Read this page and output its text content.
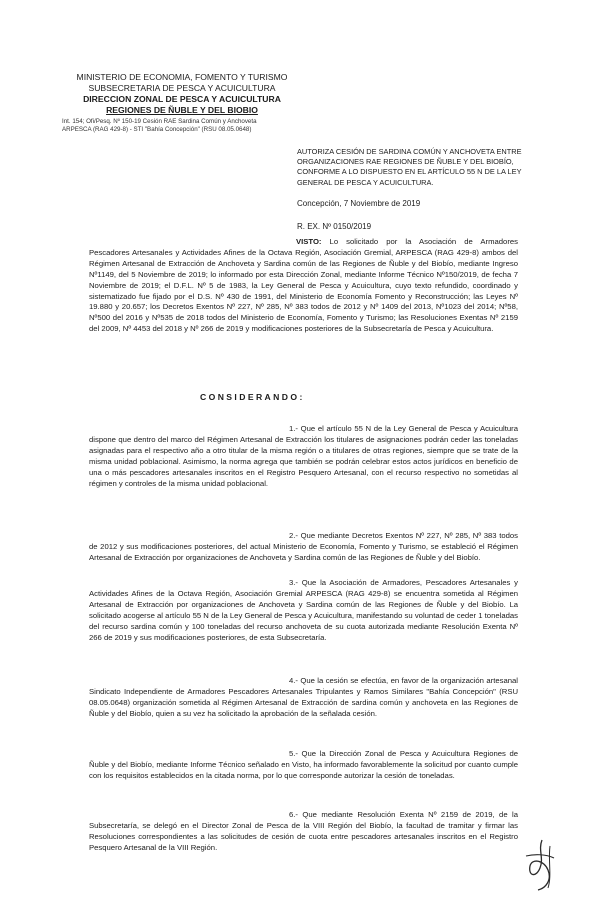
MINISTERIO DE ECONOMIA, FOMENTO Y TURISMO
SUBSECRETARIA DE PESCA Y ACUICULTURA
DIRECCION ZONAL DE PESCA Y ACUICULTURA
REGIONES DE ÑUBLE Y DEL BIOBIO
Int. 154; Ofi/Pesq. Nº 150-19 Cesión RAE Sardina Común y Anchoveta
ARPESCA (RAG 429-8) - STI "Bahía Concepción" (RSU 08.05.0648)
AUTORIZA CESIÓN DE SARDINA COMÚN Y ANCHOVETA ENTRE ORGANIZACIONES RAE REGIONES DE ÑUBLE Y DEL BIOBÍO, CONFORME A LO DISPUESTO EN EL ARTÍCULO 55 N DE LA LEY GENERAL DE PESCA Y ACUICULTURA.
Concepción, 7 Noviembre de 2019
R. EX. Nº 0150/2019
VISTO: Lo solicitado por la Asociación de Armadores Pescadores Artesanales y Actividades Afines de la Octava Región, Asociación Gremial, ARPESCA (RAG 429-8) ambos del Régimen Artesanal de Extracción de Anchoveta y Sardina común de las Regiones de Ñuble y del Biobío, mediante Ingreso Nº1149, del 5 Noviembre de 2019; lo informado por esta Dirección Zonal, mediante Informe Técnico Nº150/2019, de fecha 7 Noviembre de 2019; el D.F.L. Nº 5 de 1983, la Ley General de Pesca y Acuicultura, cuyo texto refundido, coordinado y sistematizado fue fijado por el D.S. Nº 430 de 1991, del Ministerio de Economía Fomento y Reconstrucción; las Leyes Nº 19.880 y 20.657; los Decretos Exentos Nº 227, Nº 285, Nº 383 todos de 2012 y Nº 1409 del 2013, Nº1023 del 2014; Nº58, Nº500 del 2016 y Nº535 de 2018 todos del Ministerio de Economía, Fomento y Turismo; las Resoluciones Exentas Nº 2159 del 2009, Nº 4453 del 2018 y Nº 266 de 2019 y modificaciones posteriores de la Subsecretaría de Pesca y Acuicultura.
CONSIDERANDO:
1.- Que el artículo 55 N de la Ley General de Pesca y Acuicultura dispone que dentro del marco del Régimen Artesanal de Extracción los titulares de asignaciones podrán ceder las toneladas asignadas para el respectivo año a otro titular de la misma región o a titulares de otras regiones, siempre que se trate de la misma unidad poblacional. Asimismo, la norma agrega que también se podrán celebrar estos actos jurídicos en beneficio de una o más pescadores artesanales inscritos en el Registro Pesquero Artesanal, con el recurso respectivo no sometidas al régimen y controles de la misma unidad poblacional.
2.- Que mediante Decretos Exentos Nº 227, Nº 285, Nº 383 todos de 2012 y sus modificaciones posteriores, del actual Ministerio de Economía, Fomento y Turismo, se estableció el Régimen Artesanal de Extracción por organizaciones de Anchoveta y Sardina común de las Regiones de Ñuble y del Biobío.
3.- Que la Asociación de Armadores, Pescadores Artesanales y Actividades Afines de la Octava Región, Asociación Gremial ARPESCA (RAG 429-8) se encuentra sometida al Régimen Artesanal de Extracción por organizaciones de Anchoveta y Sardina común de las Regiones de Ñuble y del Biobío. La solicitado acogerse al artículo 55 N de la Ley General de Pesca y Acuicultura, manifestando su voluntad de ceder 1 toneladas del recurso sardina común y 100 toneladas del recurso anchoveta de su cuota autorizada mediante Resolución Exenta Nº 266 de 2019 y sus modificaciones posteriores, de esta Subsecretaría.
4.- Que la cesión se efectúa, en favor de la organización artesanal Sindicato Independiente de Armadores Pescadores Artesanales Tripulantes y Ramos Similares "Bahía Concepción" (RSU 08.05.0648) organización sometida al Régimen Artesanal de Extracción de sardina común y anchoveta en las Regiones de Ñuble y del Biobío, quien a su vez ha solicitado la aprobación de la señalada cesión.
5.- Que la Dirección Zonal de Pesca y Acuicultura Regiones de Ñuble y del Biobío, mediante Informe Técnico señalado en Visto, ha informado favorablemente la solicitud por cuanto cumple con los requisitos establecidos en la citada norma, por lo que corresponde autorizar la cesión de toneladas.
6.- Que mediante Resolución Exenta Nº 2159 de 2019, de la Subsecretaría, se delegó en el Director Zonal de Pesca de la VIII Región del Biobío, la facultad de tramitar y firmar las Resoluciones correspondientes a las solicitudes de cesión de cuota entre pescadores artesanales inscritos en el Registro Pesquero Artesanal de la VIII Región.
